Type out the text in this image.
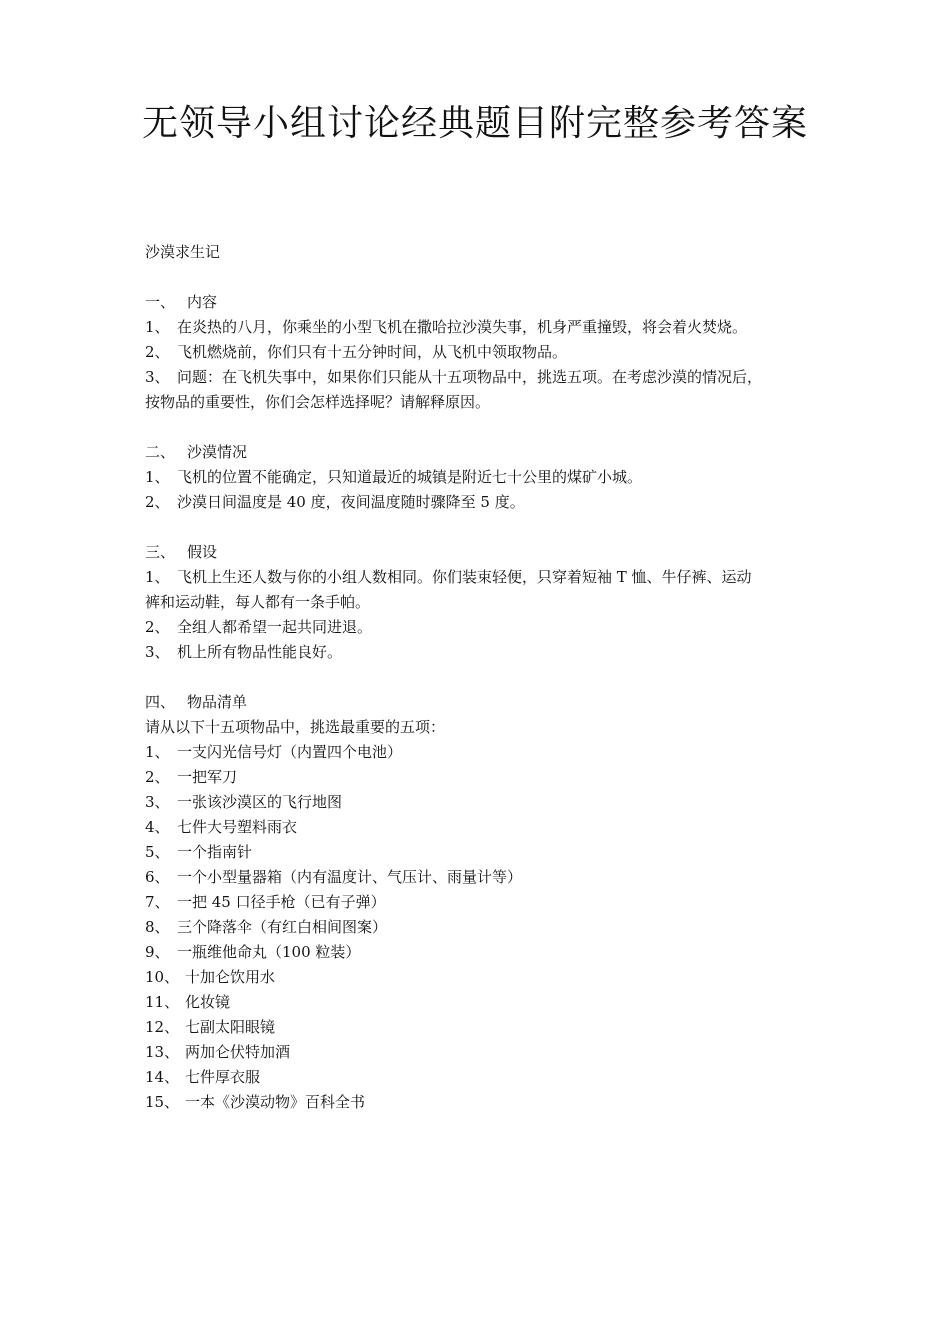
无领导小组讨论经典题目附完整参考答案
沙漠求生记
一、 内容
1、 在炎热的八月，你乘坐的小型飞机在撒哈拉沙漠失事，机身严重撞毁，将会着火焚烧。
2、 飞机燃烧前，你们只有十五分钟时间，从飞机中领取物品。
3、 问题：在飞机失事中，如果你们只能从十五项物品中，挑选五项。在考虑沙漠的情况后，
按物品的重要性，你们会怎样选择呢？请解释原因。
二、 沙漠情况
1、 飞机的位置不能确定，只知道最近的城镇是附近七十公里的煤矿小城。
2、 沙漠日间温度是 40 度，夜间温度随时骤降至 5 度。
三、 假设
1、 飞机上生还人数与你的小组人数相同。你们装束轻便，只穿着短袖 T 恤、牛仔裤、运动
裤和运动鞋，每人都有一条手帕。
2、 全组人都希望一起共同进退。
3、 机上所有物品性能良好。
四、 物品清单
请从以下十五项物品中，挑选最重要的五项：
1、 一支闪光信号灯（内置四个电池）
2、 一把军刀
3、 一张该沙漠区的飞行地图
4、 七件大号塑料雨衣
5、 一个指南针
6、 一个小型量器箱（内有温度计、气压计、雨量计等）
7、 一把 45 口径手枪（已有子弹）
8、 三个降落伞（有红白相间图案）
9、 一瓶维他命丸（100 粒装）
10、 十加仑饮用水
11、 化妆镜
12、 七副太阳眼镜
13、 两加仑伏特加酒
14、 七件厚衣服
15、 一本《沙漠动物》百科全书
